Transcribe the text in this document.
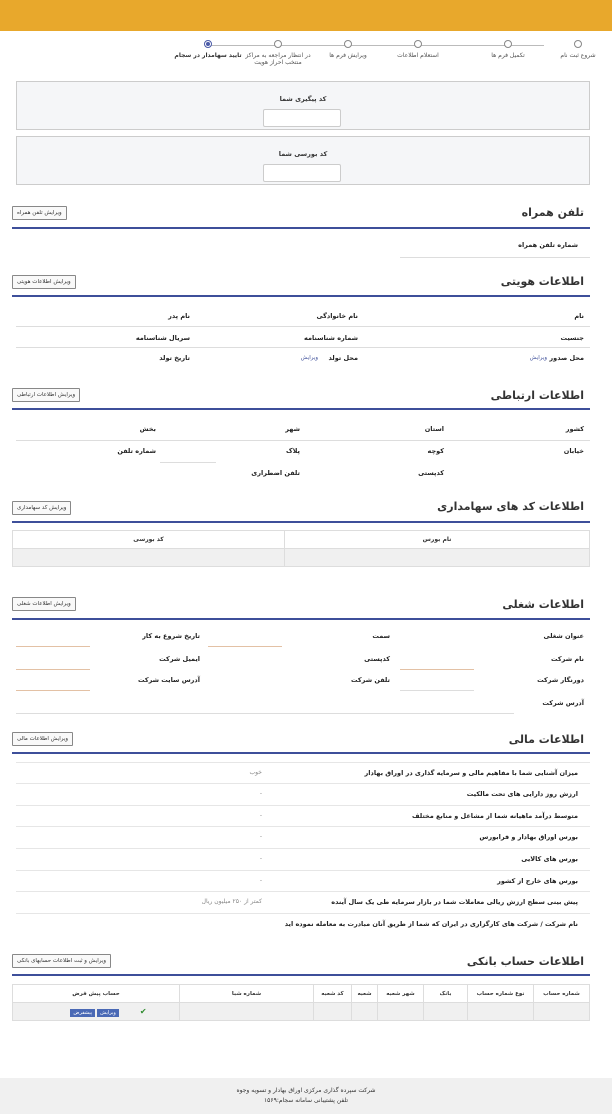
شروع ثبت نام
تکمیل فرم ها
استعلام اطلاعات
ویرایش فرم ها
در انتظار مراجعه به مراکز منتخب احراز هویت
تایید سهامدار در سجام
کد پیگیری شما
کد بورسی شما
تلفن همراه
ویرایش تلفن همراه
شماره تلفن همراه
اطلاعات هویتی
ویرایش اطلاعات هویتی
نام
نام خانوادگی
نام پدر
جنسیت
شماره شناسنامه
سریال شناسنامه
محل صدور
ویرایش
محل تولد
ویرایش
تاریخ تولد
اطلاعات ارتباطی
ویرایش اطلاعات ارتباطی
کشور
استان
شهر
بخش
خیابان
کوچه
پلاک
شماره تلفن
کدپستی
تلفن اضطراری
اطلاعات کد های سهامداری
ویرایش کد سهامداری
نام بورس	کد بورسی

اطلاعات شغلی
ویرایش اطلاعات شغلی
عنوان شغلی
سمت
تاریخ شروع به کار
نام شرکت
کدپستی
ایمیل شرکت
دورنگار شرکت
تلفن شرکت
آدرس سایت شرکت
آدرس شرکت
اطلاعات مالی
ویرایش اطلاعات مالی
میزان آشنایی شما با مفاهیم مالی و سرمایه گذاری در اوراق بهادار
خوب
ارزش روز دارایی های تحت مالکیت
-
متوسط درآمد ماهیانه شما از مشاغل و منابع مختلف
-
بورس اوراق بهادار و فرابورس
-
بورس های کالایی
-
بورس های خارج از کشور
-
پیش بینی سطح ارزش ریالی معاملات شما در بازار سرمایه طی یک سال آینده
کمتر از ۲۵۰ میلیون ریال
نام شرکت / شرکت های کارگزاری در ایران که شما از طریق آنان مبادرت به معامله نموده اید
اطلاعات حساب بانکی
ویرایش و ثبت اطلاعات حسابهای بانکی
شماره حساب	نوع شماره حساب	بانک	شهر شعبه	شعبه	کد شعبه	شماره شبا	حساب پیش فرض
							پیشفرض ویرایش ✔
شرکت سپرده گذاری مرکزی اوراق بهادار و تسویه وجوه
تلفن پشتیبانی سامانه سجام:۱۵۶۹
